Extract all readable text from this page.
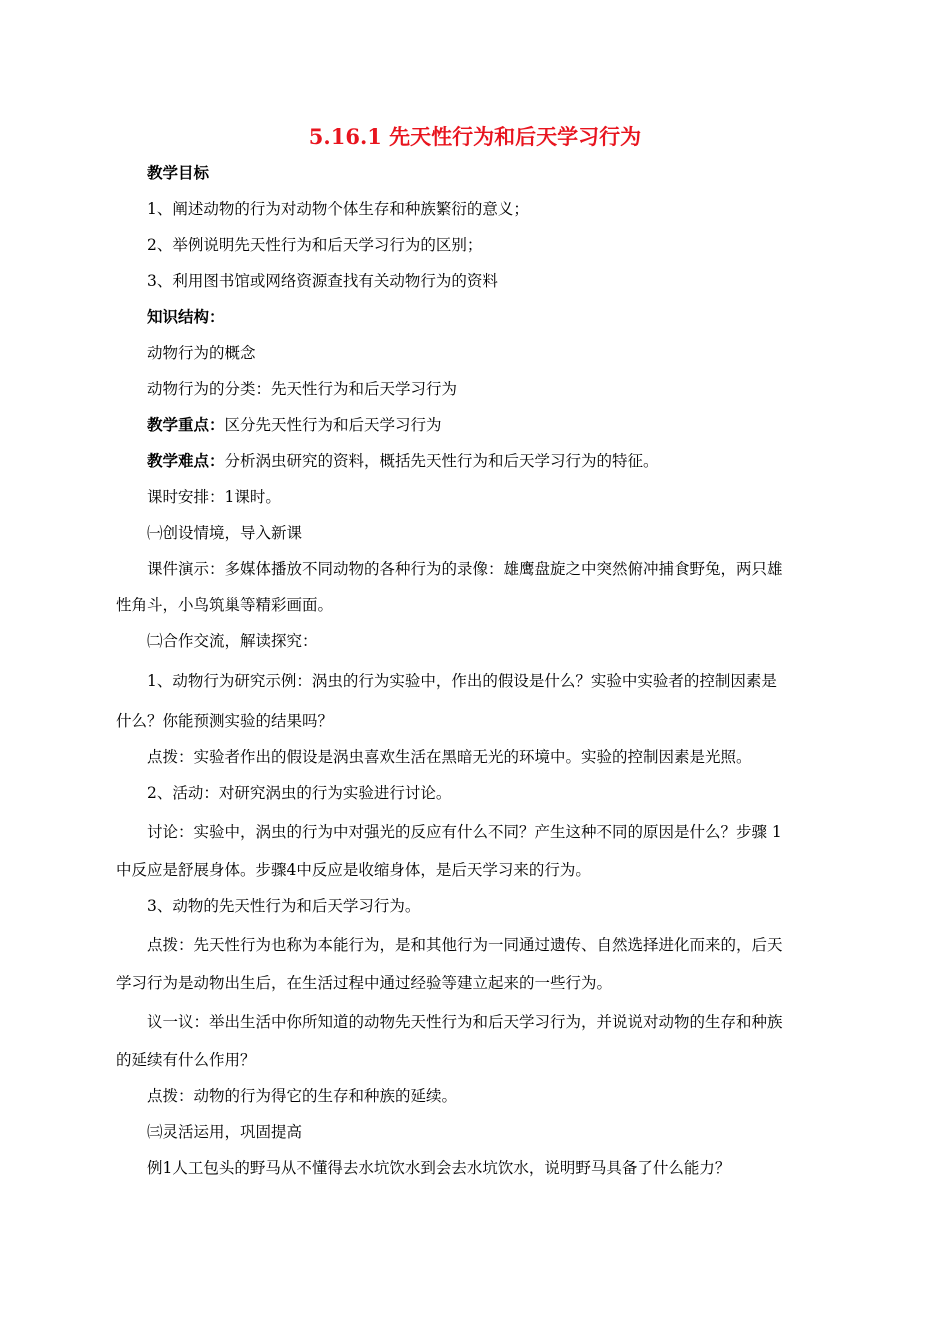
5.16.1 先天性行为和后天学习行为
教学目标
1、阐述动物的行为对动物个体生存和种族繁衍的意义；
2、举例说明先天性行为和后天学习行为的区别；
3、利用图书馆或网络资源查找有关动物行为的资料
知识结构：
动物行为的概念
动物行为的分类：先天性行为和后天学习行为
教学重点：区分先天性行为和后天学习行为
教学难点：分析涡虫研究的资料，概括先天性行为和后天学习行为的特征。
课时安排：1课时。
㈠创设情境，导入新课
课件演示：多媒体播放不同动物的各种行为的录像：雄鹰盘旋之中突然俯冲捕食野兔，两只雄
性角斗，小鸟筑巢等精彩画面。
㈡合作交流，解读探究：
1、动物行为研究示例：涡虫的行为实验中，作出的假设是什么？实验中实验者的控制因素是
什么？你能预测实验的结果吗？
点拨：实验者作出的假设是涡虫喜欢生活在黑暗无光的环境中。实验的控制因素是光照。
2、活动：对研究涡虫的行为实验进行讨论。
讨论：实验中，涡虫的行为中对强光的反应有什么不同？产生这种不同的原因是什么？步骤 1
中反应是舒展身体。步骤4中反应是收缩身体，是后天学习来的行为。
3、动物的先天性行为和后天学习行为。
点拨：先天性行为也称为本能行为，是和其他行为一同通过遗传、自然选择进化而来的，后天
学习行为是动物出生后，在生活过程中通过经验等建立起来的一些行为。
议一议：举出生活中你所知道的动物先天性行为和后天学习行为，并说说对动物的生存和种族
的延续有什么作用？
点拨：动物的行为得它的生存和种族的延续。
㈢灵活运用，巩固提高
例1人工包头的野马从不懂得去水坑饮水到会去水坑饮水，说明野马具备了什么能力？
